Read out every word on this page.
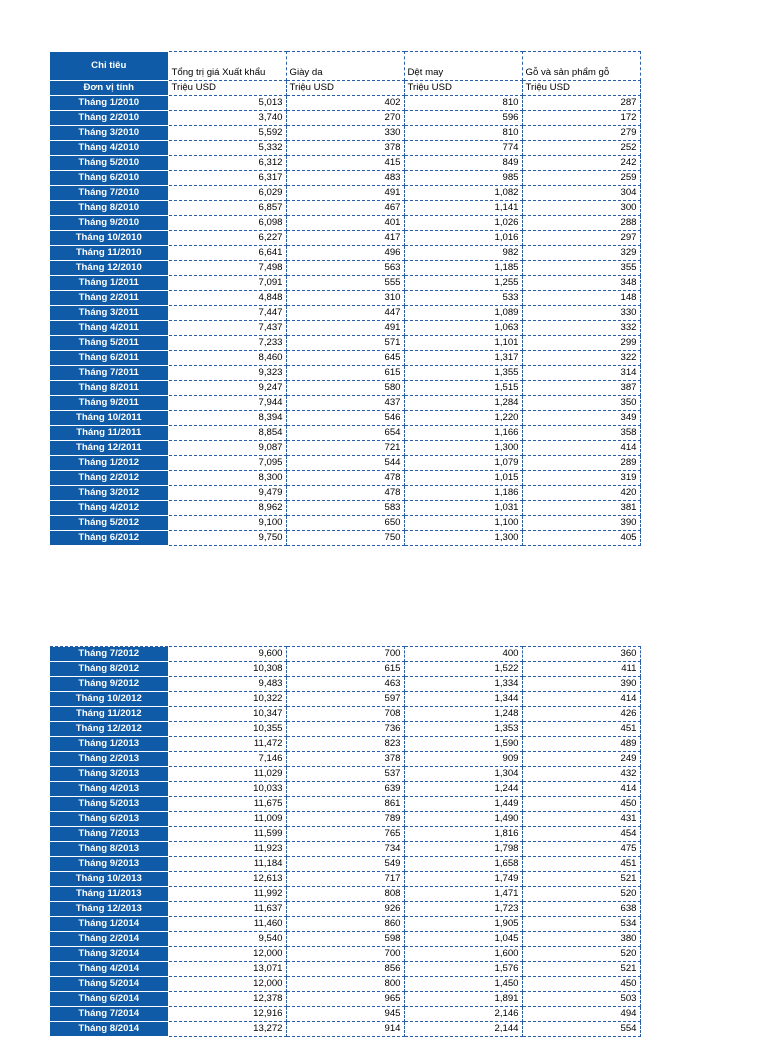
Chỉ tiêu	Tổng trị giá Xuất khẩu	Giày da	Dệt may	Gỗ và sản phẩm gỗ
Đơn vị tính	Triệu USD	Triệu USD	Triệu USD	Triệu USD
Tháng 1/2010	5,013	402	810	287
Tháng 2/2010	3,740	270	596	172
Tháng 3/2010	5,592	330	810	279
Tháng 4/2010	5,332	378	774	252
Tháng 5/2010	6,312	415	849	242
Tháng 6/2010	6,317	483	985	259
Tháng 7/2010	6,029	491	1,082	304
Tháng 8/2010	6,857	467	1,141	300
Tháng 9/2010	6,098	401	1,026	288
Tháng 10/2010	6,227	417	1,016	297
Tháng 11/2010	6,641	496	982	329
Tháng 12/2010	7,498	563	1,185	355
Tháng 1/2011	7,091	555	1,255	348
Tháng 2/2011	4,848	310	533	148
Tháng 3/2011	7,447	447	1,089	330
Tháng 4/2011	7,437	491	1,063	332
Tháng 5/2011	7,233	571	1,101	299
Tháng 6/2011	8,460	645	1,317	322
Tháng 7/2011	9,323	615	1,355	314
Tháng 8/2011	9,247	580	1,515	387
Tháng 9/2011	7,944	437	1,284	350
Tháng 10/2011	8,394	546	1,220	349
Tháng 11/2011	8,854	654	1,166	358
Tháng 12/2011	9,087	721	1,300	414
Tháng 1/2012	7,095	544	1,079	289
Tháng 2/2012	8,300	478	1,015	319
Tháng 3/2012	9,479	478	1,186	420
Tháng 4/2012	8,962	583	1,031	381
Tháng 5/2012	9,100	650	1,100	390
Tháng 6/2012	9,750	750	1,300	405
Tháng 7/2012	9,600	700	400	360
Tháng 8/2012	10,308	615	1,522	411
Tháng 9/2012	9,483	463	1,334	390
Tháng 10/2012	10,322	597	1,344	414
Tháng 11/2012	10,347	708	1,248	426
Tháng 12/2012	10,355	736	1,353	451
Tháng 1/2013	11,472	823	1,590	489
Tháng 2/2013	7,146	378	909	249
Tháng 3/2013	11,029	537	1,304	432
Tháng 4/2013	10,033	639	1,244	414
Tháng 5/2013	11,675	861	1,449	450
Tháng 6/2013	11,009	789	1,490	431
Tháng 7/2013	11,599	765	1,816	454
Tháng 8/2013	11,923	734	1,798	475
Tháng 9/2013	11,184	549	1,658	451
Tháng 10/2013	12,613	717	1,749	521
Tháng 11/2013	11,992	808	1,471	520
Tháng 12/2013	11,637	926	1,723	638
Tháng 1/2014	11,460	860	1,905	534
Tháng 2/2014	9,540	598	1,045	380
Tháng 3/2014	12,000	700	1,600	520
Tháng 4/2014	13,071	856	1,576	521
Tháng 5/2014	12,000	800	1,450	450
Tháng 6/2014	12,378	965	1,891	503
Tháng 7/2014	12,916	945	2,146	494
Tháng 8/2014	13,272	914	2,144	554
